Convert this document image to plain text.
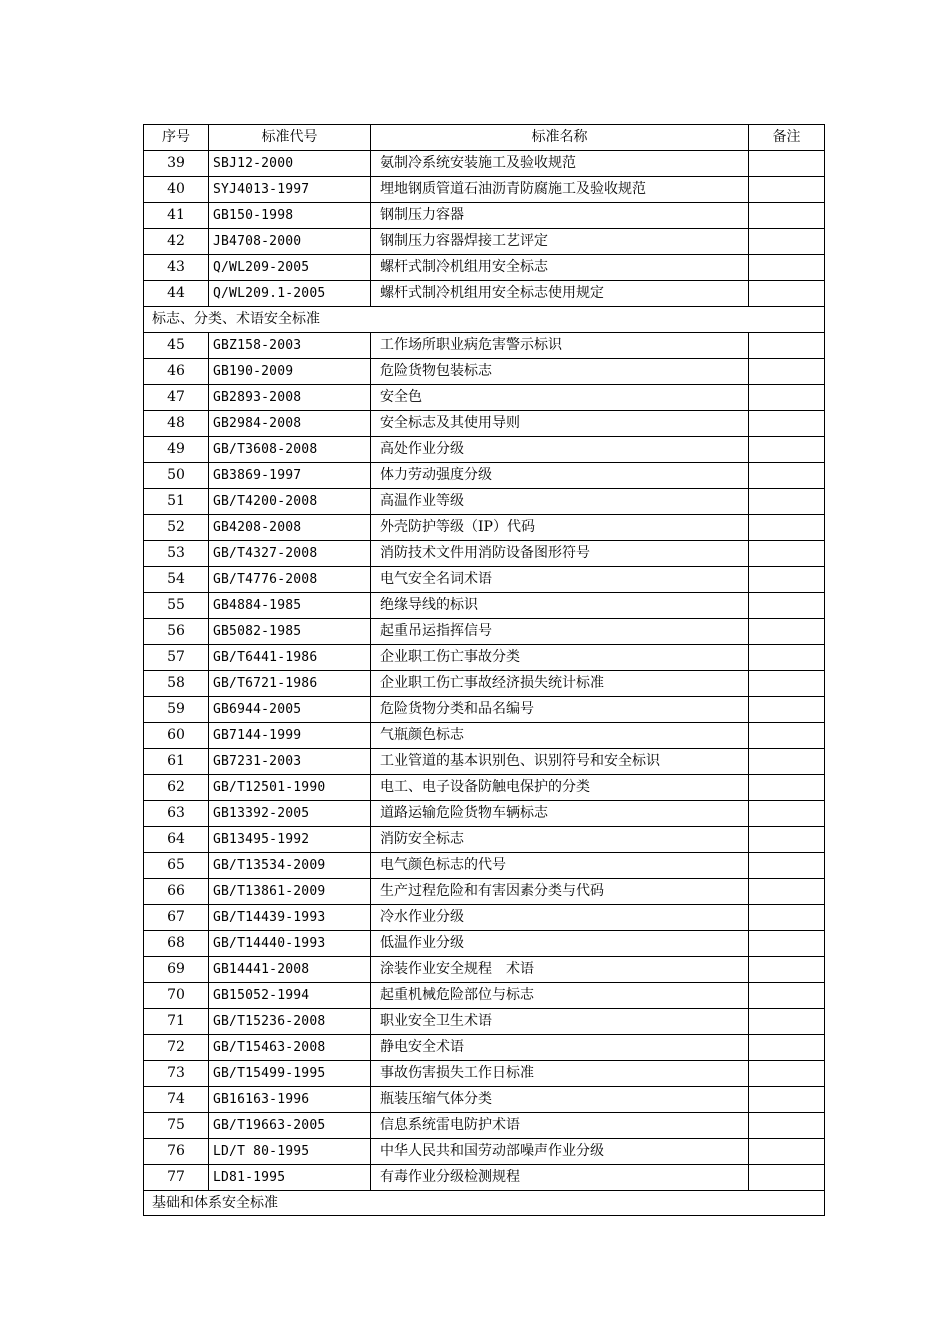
序号	标准代号	标准名称	备注
39	SBJ12-2000	氨制冷系统安装施工及验收规范	
40	SYJ4013-1997	埋地钢质管道石油沥青防腐施工及验收规范	
41	GB150-1998	钢制压力容器	
42	JB4708-2000	钢制压力容器焊接工艺评定	
43	Q/WL209-2005	螺杆式制冷机组用安全标志	
44	Q/WL209.1-2005	螺杆式制冷机组用安全标志使用规定	
标志、分类、术语安全标准			
45	GBZ158-2003	工作场所职业病危害警示标识	
46	GB190-2009	危险货物包装标志	
47	GB2893-2008	安全色	
48	GB2984-2008	安全标志及其使用导则	
49	GB/T3608-2008	高处作业分级	
50	GB3869-1997	体力劳动强度分级	
51	GB/T4200-2008	高温作业等级	
52	GB4208-2008	外壳防护等级（IP）代码	
53	GB/T4327-2008	消防技术文件用消防设备图形符号	
54	GB/T4776-2008	电气安全名词术语	
55	GB4884-1985	绝缘导线的标识	
56	GB5082-1985	起重吊运指挥信号	
57	GB/T6441-1986	企业职工伤亡事故分类	
58	GB/T6721-1986	企业职工伤亡事故经济损失统计标准	
59	GB6944-2005	危险货物分类和品名编号	
60	GB7144-1999	气瓶颜色标志	
61	GB7231-2003	工业管道的基本识别色、识别符号和安全标识	
62	GB/T12501-1990	电工、电子设备防触电保护的分类	
63	GB13392-2005	道路运输危险货物车辆标志	
64	GB13495-1992	消防安全标志	
65	GB/T13534-2009	电气颜色标志的代号	
66	GB/T13861-2009	生产过程危险和有害因素分类与代码	
67	GB/T14439-1993	冷水作业分级	
68	GB/T14440-1993	低温作业分级	
69	GB14441-2008	涂装作业安全规程　术语	
70	GB15052-1994	起重机械危险部位与标志	
71	GB/T15236-2008	职业安全卫生术语	
72	GB/T15463-2008	静电安全术语	
73	GB/T15499-1995	事故伤害损失工作日标准	
74	GB16163-1996	瓶装压缩气体分类	
75	GB/T19663-2005	信息系统雷电防护术语	
76	LD/T 80-1995	中华人民共和国劳动部噪声作业分级	
77	LD81-1995	有毒作业分级检测规程	
基础和体系安全标准			
